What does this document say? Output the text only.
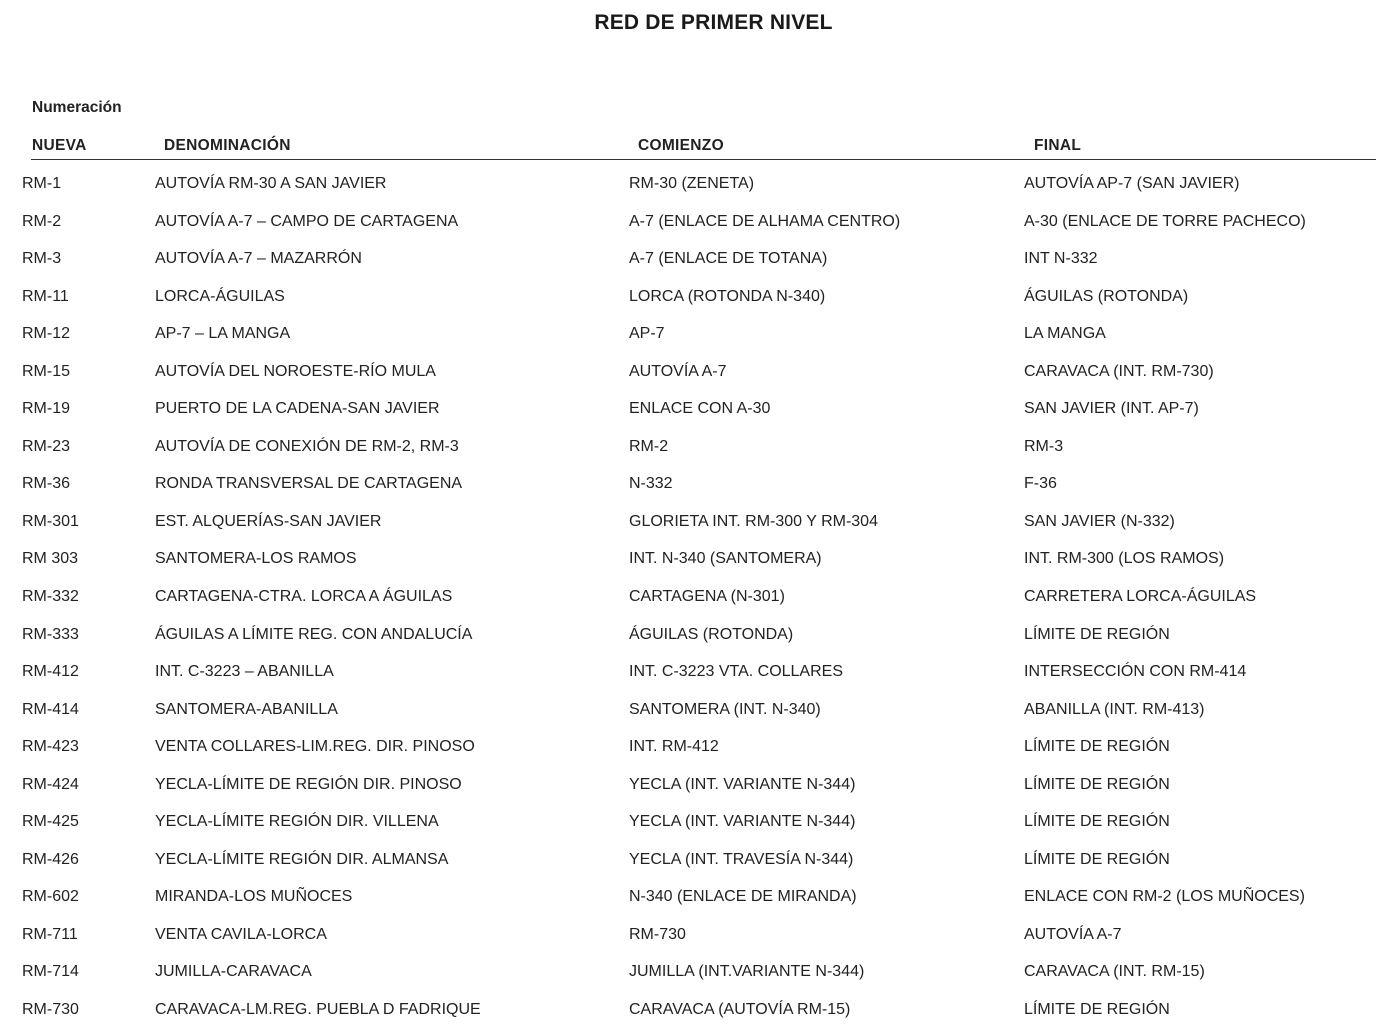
RED DE PRIMER NIVEL
Numeración
NUEVA	DENOMINACIÓN	COMIENZO	FINAL
RM-1	AUTOVÍA RM-30 A SAN JAVIER	RM-30 (ZENETA)	AUTOVÍA AP-7 (SAN JAVIER)
RM-2	AUTOVÍA A-7 – CAMPO DE CARTAGENA	A-7 (ENLACE DE ALHAMA CENTRO)	A-30 (ENLACE DE TORRE PACHECO)
RM-3	AUTOVÍA A-7 – MAZARRÓN	A-7 (ENLACE DE TOTANA)	INT N-332
RM-11	LORCA-ÁGUILAS	LORCA (ROTONDA N-340)	ÁGUILAS (ROTONDA)
RM-12	AP-7 – LA MANGA	AP-7	LA MANGA
RM-15	AUTOVÍA DEL NOROESTE-RÍO MULA	AUTOVÍA A-7	CARAVACA (INT. RM-730)
RM-19	PUERTO DE LA CADENA-SAN JAVIER	ENLACE CON A-30	SAN JAVIER (INT. AP-7)
RM-23	AUTOVÍA DE CONEXIÓN DE RM-2, RM-3	RM-2	RM-3
RM-36	RONDA TRANSVERSAL DE CARTAGENA	N-332	F-36
RM-301	EST. ALQUERÍAS-SAN JAVIER	GLORIETA INT. RM-300 Y RM-304	SAN JAVIER (N-332)
RM 303	SANTOMERA-LOS RAMOS	INT. N-340 (SANTOMERA)	INT. RM-300 (LOS RAMOS)
RM-332	CARTAGENA-CTRA. LORCA A ÁGUILAS	CARTAGENA (N-301)	CARRETERA LORCA-ÁGUILAS
RM-333	ÁGUILAS A LÍMITE REG. CON ANDALUCÍA	ÁGUILAS (ROTONDA)	LÍMITE DE REGIÓN
RM-412	INT. C-3223 – ABANILLA	INT. C-3223 VTA. COLLARES	INTERSECCIÓN CON RM-414
RM-414	SANTOMERA-ABANILLA	SANTOMERA (INT. N-340)	ABANILLA (INT. RM-413)
RM-423	VENTA COLLARES-LIM.REG. DIR. PINOSO	INT. RM-412	LÍMITE DE REGIÓN
RM-424	YECLA-LÍMITE DE REGIÓN DIR. PINOSO	YECLA (INT. VARIANTE N-344)	LÍMITE DE REGIÓN
RM-425	YECLA-LÍMITE REGIÓN DIR. VILLENA	YECLA (INT. VARIANTE N-344)	LÍMITE DE REGIÓN
RM-426	YECLA-LÍMITE REGIÓN DIR. ALMANSA	YECLA (INT. TRAVESÍA N-344)	LÍMITE DE REGIÓN
RM-602	MIRANDA-LOS MUÑOCES	N-340 (ENLACE DE MIRANDA)	ENLACE CON RM-2 (LOS MUÑOCES)
RM-711	VENTA CAVILA-LORCA	RM-730	AUTOVÍA A-7
RM-714	JUMILLA-CARAVACA	JUMILLA (INT.VARIANTE N-344)	CARAVACA (INT. RM-15)
RM-730	CARAVACA-LM.REG. PUEBLA D FADRIQUE	CARAVACA (AUTOVÍA RM-15)	LÍMITE DE REGIÓN
